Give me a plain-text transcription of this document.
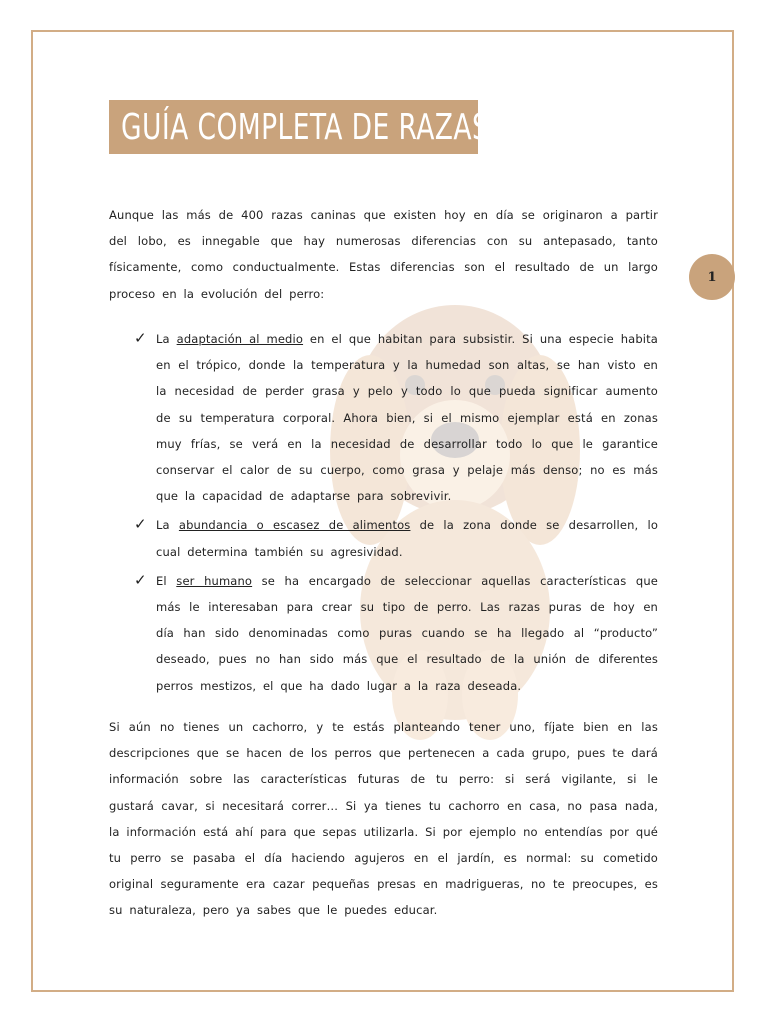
GUÍA COMPLETA DE RAZAS
1

Aunque las más de 400 razas caninas que existen hoy en día se originaron a partir del lobo, es innegable que hay numerosas diferencias con su antepasado, tanto físicamente, como conductualmente. Estas diferencias son el resultado de un largo proceso en la evolución del perro:

✓ La adaptación al medio en el que habitan para subsistir. Si una especie habita en el trópico, donde la temperatura y la humedad son altas, se han visto en la necesidad de perder grasa y pelo y todo lo que pueda significar aumento de su temperatura corporal. Ahora bien, si el mismo ejemplar está en zonas muy frías, se verá en la necesidad de desarrollar todo lo que le garantice conservar el calor de su cuerpo, como grasa y pelaje más denso; no es más que la capacidad de adaptarse para sobrevivir.
✓ La abundancia o escasez de alimentos de la zona donde se desarrollen, lo cual determina también su agresividad.
✓ El ser humano se ha encargado de seleccionar aquellas características que más le interesaban para crear su tipo de perro. Las razas puras de hoy en día han sido denominadas como puras cuando se ha llegado al “producto” deseado, pues no han sido más que el resultado de la unión de diferentes perros mestizos, el que ha dado lugar a la raza deseada.

Si aún no tienes un cachorro, y te estás planteando tener uno, fíjate bien en las descripciones que se hacen de los perros que pertenecen a cada grupo, pues te dará información sobre las características futuras de tu perro: si será vigilante, si le gustará cavar, si necesitará correr… Si ya tienes tu cachorro en casa, no pasa nada, la información está ahí para que sepas utilizarla. Si por ejemplo no entendías por qué tu perro se pasaba el día haciendo agujeros en el jardín, es normal: su cometido original seguramente era cazar pequeñas presas en madrigueras, no te preocupes, es su naturaleza, pero ya sabes que le puedes educar.
